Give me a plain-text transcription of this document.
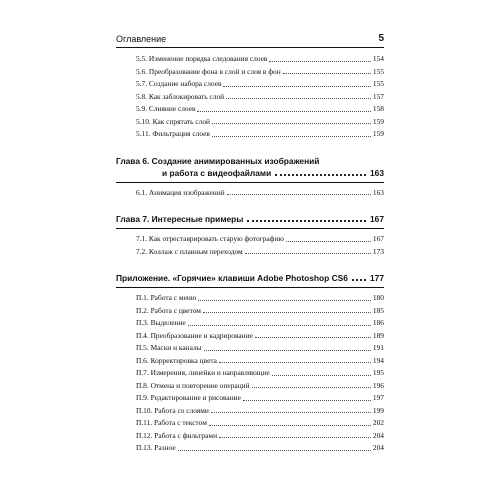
Оглавление	5
5.5. Изменение порядка следования слоев	154
5.6. Преобразование фона в слой и слоя в фон	155
5.7. Создание набора слоев	155
5.8. Как заблокировать слой	157
5.9. Слияние слоев	158
5.10. Как спрятать слой	159
5.11. Фильтрация слоев	159
Глава 6. Создание анимированных изображений
и работа с видеофайлами	163
6.1. Анимация изображений	163
Глава 7. Интересные примеры	167
7.1. Как отреставрировать старую фотографию	167
7.2. Коллаж с плавным переходом	173
Приложение. «Горячие» клавиши Adobe Photoshop CS6	177
П.1. Работа с меню	180
П.2. Работа с цветом	185
П.3. Выделение	186
П.4. Преобразование и кадрирование	189
П.5. Маски и каналы	191
П.6. Корректировка цвета	194
П.7. Измерения, линейки и направляющие	195
П.8. Отмена и повторение операций	196
П.9. Редактирование и рисование	197
П.10. Работа со слоями	199
П.11. Работа с текстом	202
П.12. Работа с фильтрами	204
П.13. Разное	204
